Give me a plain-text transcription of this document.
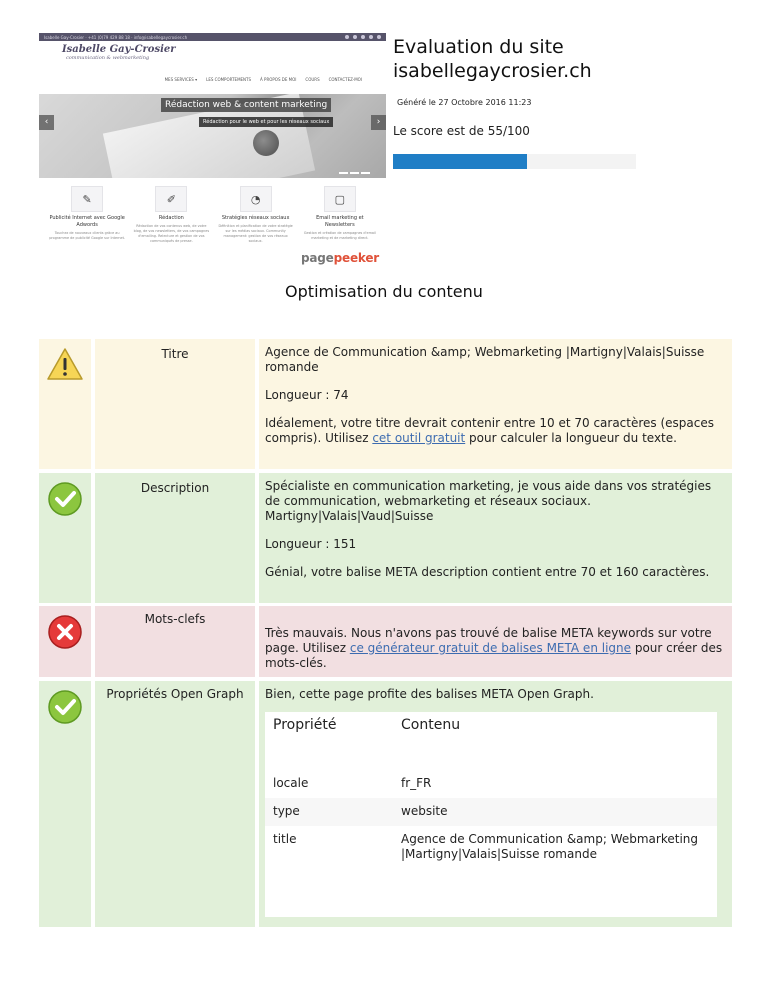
Isabelle Gay-Crosier · +41 (0)79 429 88 18 · info@isabellegaycrosier.ch
Isabelle Gay-Crosier
communication & webmarketing
MES SERVICES ▾ LES COMPORTEMENTS À PROPOS DE MOI COURS CONTACTEZ-MOI
Rédaction web & content marketing
Rédaction pour le web et pour les réseaux sociaux
‹	›
✎
Publicité Internet avec Google Adwords
Touchez de nouveaux clients grâce au programme de publicité Google sur Internet.
✐
Rédaction
Rédaction de vos contenus web, de votre blog, de vos newsletters, de vos campagnes d'emailing. Relecture et gestion de vos communiqués de presse.
◔
Stratégies réseaux sociaux
Définition et planification de votre stratégie sur les médias sociaux. Community management: gestion de vos réseaux sociaux.
▢
Email marketing et Newsletters
Gestion et création de campagnes d'email marketing et de marketing direct.
pagepeeker
Evaluation du site isabellegaycrosier.ch
Généré le 27 Octobre 2016 11:23
Le score est de 55/100
Optimisation du contenu
Titre	Agence de Communication &amp; Webmarketing |Martigny|Valais|Suisse romande

Longueur : 74

Idéalement, votre titre devrait contenir entre 10 et 70 caractères (espaces compris). Utilisez cet outil gratuit pour calculer la longueur du texte.

Description	Spécialiste en communication marketing, je vous aide dans vos stratégies de communication, webmarketing et réseaux sociaux. Martigny|Valais|Vaud|Suisse

Longueur : 151

Génial, votre balise META description contient entre 70 et 160 caractères.

Mots-clefs

Très mauvais. Nous n'avons pas trouvé de balise META keywords sur votre page. Utilisez ce générateur gratuit de balises META en ligne pour créer des mots-clés.

Propriétés Open Graph	Bien, cette page profite des balises META Open Graph.
Propriété	Contenu
locale	fr_FR
type	website
title	Agence de Communication &amp; Webmarketing |Martigny|Valais|Suisse romande
